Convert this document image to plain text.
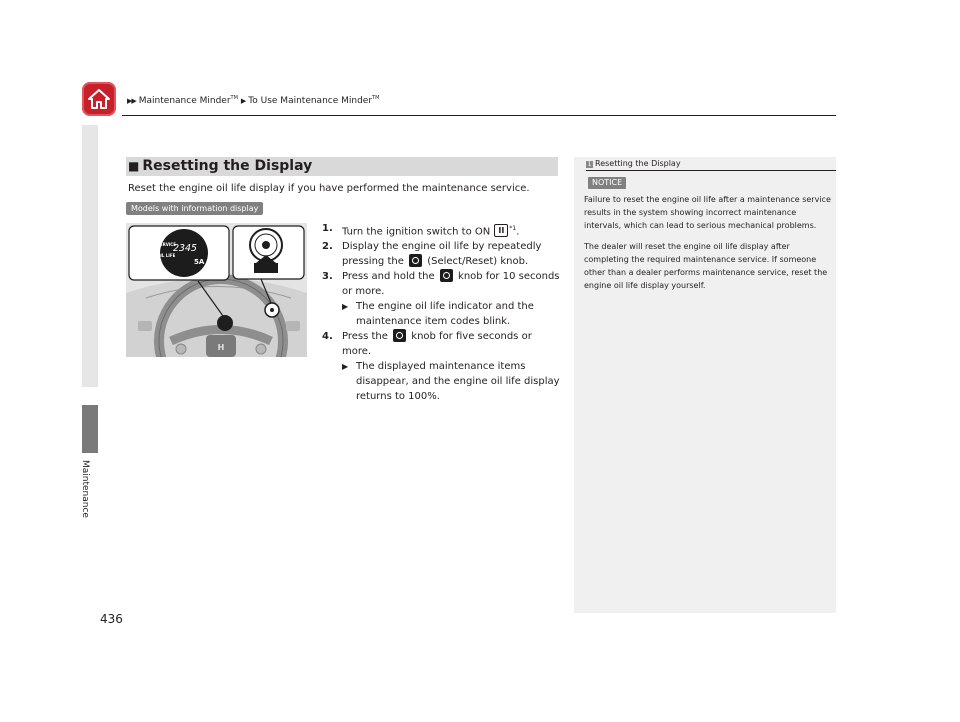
▶▶ Maintenance Minder™ ▶ To Use Maintenance Minder™
Maintenance
■ Resetting the Display
Reset the engine oil life display if you have performed the maintenance service.
Models with information display
H
SERVICE
OIL LIFE
2345
5A
1. Turn the ignition switch to ON II $^{*1}$.
2. Display the engine oil life by repeatedly pressing the  (Select/Reset) knob.
3. Press and hold the  knob for 10 seconds or more.
▶ The engine oil life indicator and the maintenance item codes blink.
4. Press the  knob for five seconds or more.
▶ The displayed maintenance items disappear, and the engine oil life display returns to 100%.
1 Resetting the Display
NOTICE

Failure to reset the engine oil life after a maintenance service results in the system showing incorrect maintenance intervals, which can lead to serious mechanical problems.

The dealer will reset the engine oil life display after completing the required maintenance service. If someone other than a dealer performs maintenance service, reset the engine oil life display yourself.

436
